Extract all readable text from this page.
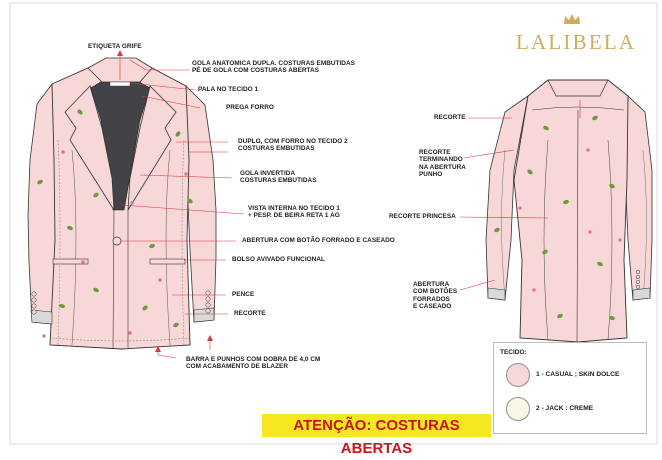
LALIBELA
ETIQUETA GRIFE
GOLA ANATOMICA DUPLA. COSTURAS EMBUTIDAS
PÉ DE GOLA COM COSTURAS ABERTAS
PALA NO TECIDO 1
PREGA FORRO
DUPLO, COM FORRO NO TECIDO 2
COSTURAS EMBUTIDAS
GOLA INVERTIDA
COSTURAS EMBUTIDAS
VISTA INTERNA NO TECIDO 1
+ PESP. DE BEIRA RETA 1 AG
ABERTURA COM BOTÃO FORRADO E CASEADO
BOLSO AVIVADO FUNCIONAL
PENCE
RECORTE
BARRA E PUNHOS COM DOBRA DE 4,0 CM
COM ACABAMENTO DE BLAZER
RECORTE
RECORTE
TERMINANDO
NA ABERTURA
PUNHO
RECORTE PRINCESA
ABERTURA
COM BOTÕES
FORRADOS
E CASEADO
TECIDO:
1 - CASUAL ; SKIN DOLCE
2 - JACK : CREME
ATENÇÃO: COSTURAS ABERTAS
